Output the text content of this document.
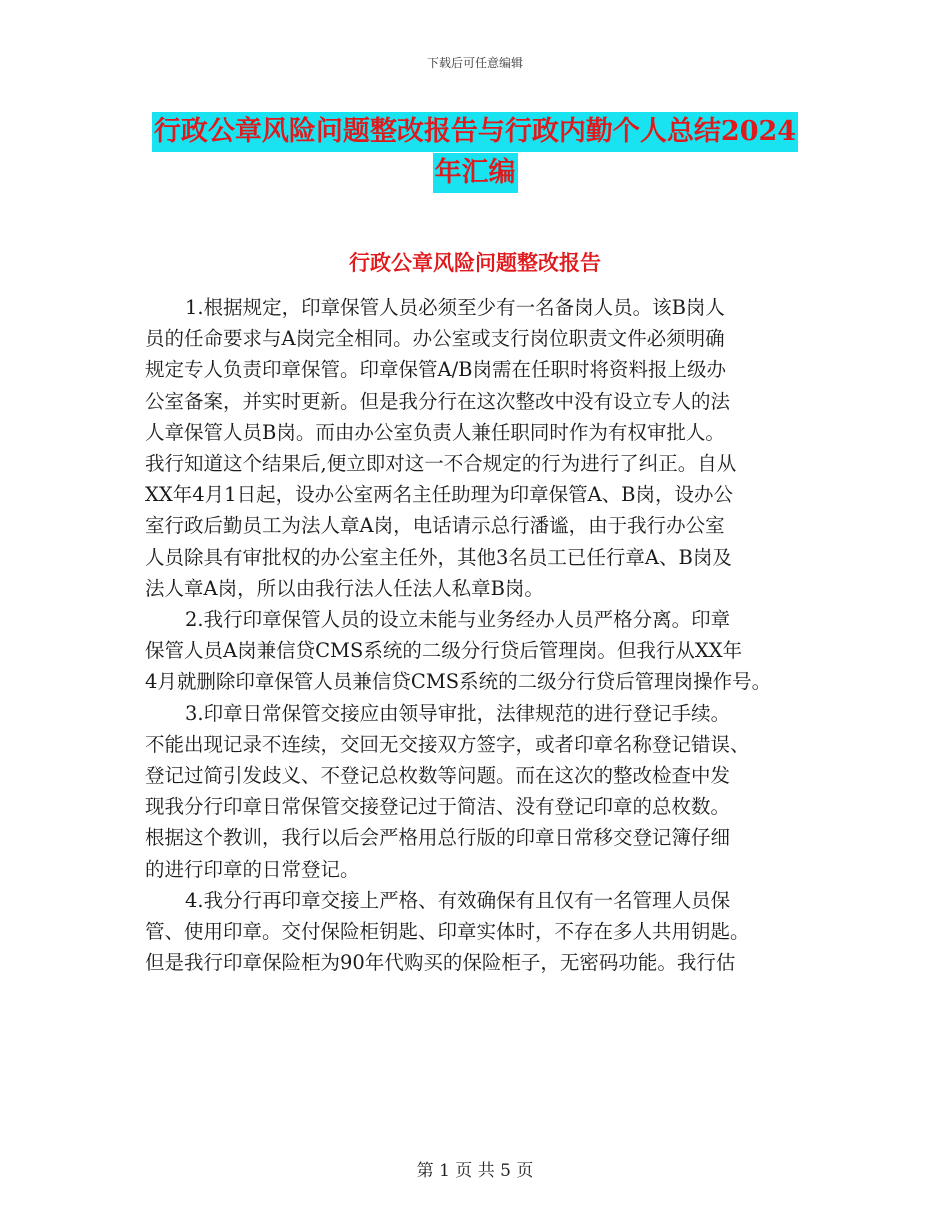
下载后可任意编辑
行政公章风险问题整改报告与行政内勤个人总结2024
年汇编
行政公章风险问题整改报告
1.根据规定，印章保管人员必须至少有一名备岗人员。该B岗人
员的任命要求与A岗完全相同。办公室或支行岗位职责文件必须明确
规定专人负责印章保管。印章保管A/B岗需在任职时将资料报上级办
公室备案，并实时更新。但是我分行在这次整改中没有设立专人的法
人章保管人员B岗。而由办公室负责人兼任职同时作为有权审批人。
我行知道这个结果后,便立即对这一不合规定的行为进行了纠正。自从
XX年4月1日起，设办公室两名主任助理为印章保管A、B岗，设办公
室行政后勤员工为法人章A岗，电话请示总行潘谧，由于我行办公室
人员除具有审批权的办公室主任外，其他3名员工已任行章A、B岗及
法人章A岗，所以由我行法人任法人私章B岗。
2.我行印章保管人员的设立未能与业务经办人员严格分离。印章
保管人员A岗兼信贷CMS系统的二级分行贷后管理岗。但我行从XX年
4月就删除印章保管人员兼信贷CMS系统的二级分行贷后管理岗操作号。
3.印章日常保管交接应由领导审批，法律规范的进行登记手续。
不能出现记录不连续，交回无交接双方签字，或者印章名称登记错误、
登记过简引发歧义、不登记总枚数等问题。而在这次的整改检查中发
现我分行印章日常保管交接登记过于简洁、没有登记印章的总枚数。
根据这个教训，我行以后会严格用总行版的印章日常移交登记簿仔细
的进行印章的日常登记。
4.我分行再印章交接上严格、有效确保有且仅有一名管理人员保
管、使用印章。交付保险柜钥匙、印章实体时，不存在多人共用钥匙。
但是我行印章保险柜为90年代购买的保险柜子，无密码功能。我行估
第 1 页 共 5 页
